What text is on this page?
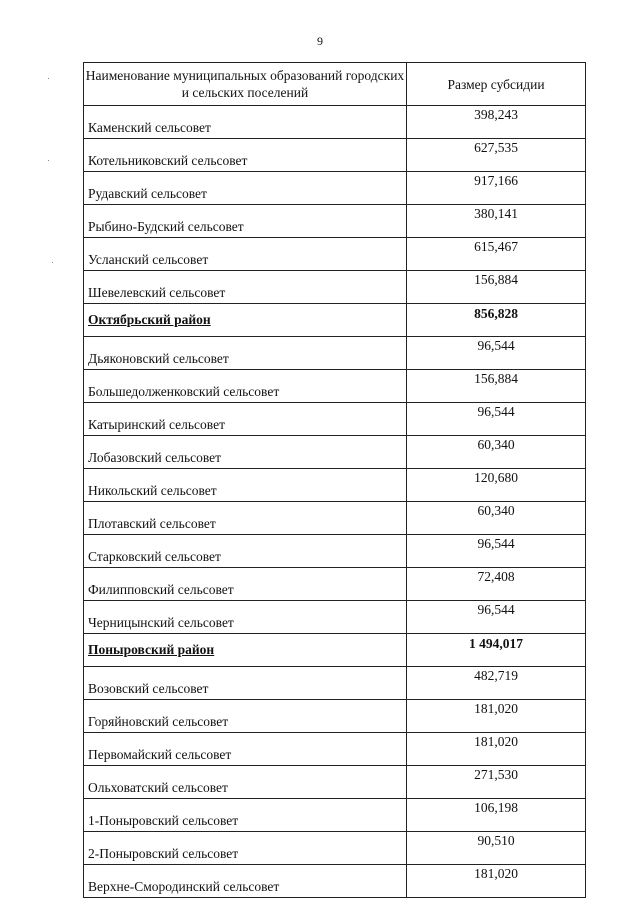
9
Наименование муниципальных образований городских и сельских поселений	Размер субсидии
Каменский сельсовет	398,243
Котельниковский сельсовет	627,535
Рудавский сельсовет	917,166
Рыбино-Будский сельсовет	380,141
Усланский сельсовет	615,467
Шевелевский сельсовет	156,884
Октябрьский район	856,828
Дьяконовский сельсовет	96,544
Большедолженковский сельсовет	156,884
Катыринский сельсовет	96,544
Лобазовский сельсовет	60,340
Никольский сельсовет	120,680
Плотавский сельсовет	60,340
Старковский сельсовет	96,544
Филипповский сельсовет	72,408
Черницынский сельсовет	96,544
Поныровский район	1 494,017
Возовский сельсовет	482,719
Горяйновский сельсовет	181,020
Первомайский сельсовет	181,020
Ольховатский сельсовет	271,530
1-Поныровский сельсовет	106,198
2-Поныровский сельсовет	90,510
Верхне-Смородинский сельсовет	181,020
